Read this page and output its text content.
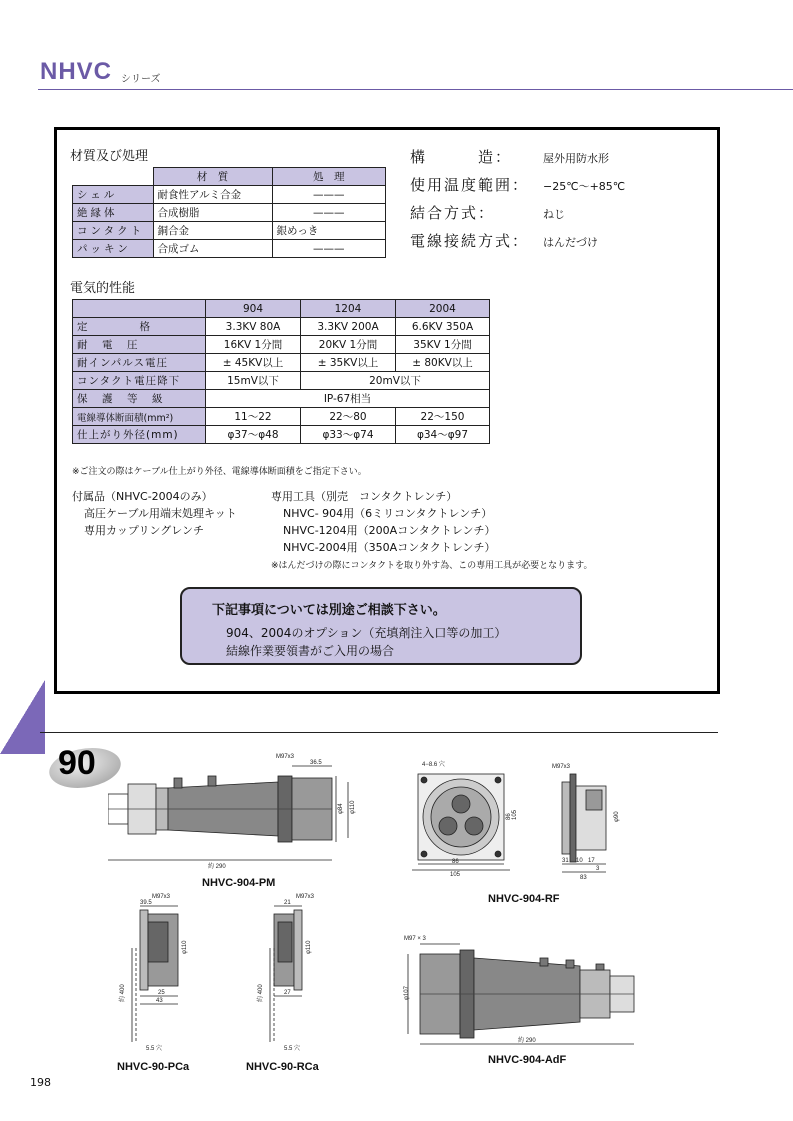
NHVC シリーズ
材質及び処理
	材　質	処　理
シェル	耐食性アルミ合金	———
絶縁体	合成樹脂	———
コンタクト	銅合金	銀めっき
パッキン	合成ゴム	———
構　　　造：	屋外用防水形
使用温度範囲： −25℃〜+85℃
結合方式：	ねじ
電線接続方式： はんだづけ
電気的性能
	904	1204	2004
定　　　　格	3.3KV 80A	3.3KV 200A	6.6KV 350A
耐　電　圧	16KV 1分間	20KV 1分間	35KV 1分間
耐インパルス電圧	± 45KV以上	± 35KV以上	± 80KV以上
コンタクト電圧降下	15mV以下	20mV以下	
保　護　等　級	IP-67相当		
電線導体断面積(mm²)	11〜22	22〜80	22〜150
仕上がり外径(mm)	φ37〜φ48	φ33〜φ74	φ34〜φ97
※ご注文の際はケーブル仕上がり外径、電線導体断面積をご指定下さい。
付属品（NHVC-2004のみ）
高圧ケーブル用端末処理キット
専用カップリングレンチ
専用工具（別売　コンタクトレンチ）
NHVC- 904用（6ミリコンタクトレンチ）
NHVC-1204用（200Aコンタクトレンチ）
NHVC-2004用（350Aコンタクトレンチ）
※はんだづけの際にコンタクトを取り外す為、この専用工具が必要となります。
下記事項については別途ご相談下さい。
904、2004のオプション（充填剤注入口等の加工）
結線作業要領書がご入用の場合
90	M97x3
36.5
φ84 φ110
約 290
NHVC-904-PM
4−8.6 穴
86
105
86 105
M97x3
φ90
31 10 17
3
83
NHVC-904-RF
M97x3
39.5
φ110
25
43
約 400
5.5 穴
NHVC-90-PCa
M97x3
21
φ110
27
約 400
5.5 穴
NHVC-90-RCa
M97 × 3
φ107
約 290
NHVC-904-AdF
198
